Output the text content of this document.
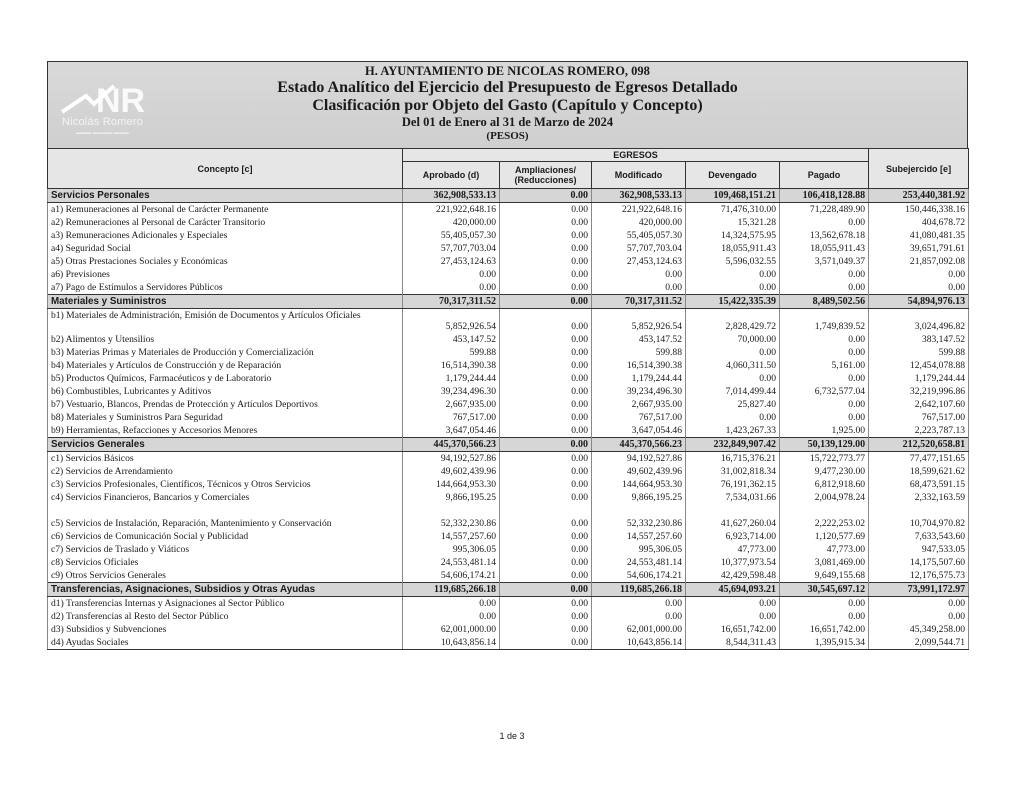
NR
Nicolás Romero
▬▬▬ ▬▬▬▬ ▬▬▬
H. AYUNTAMIENTO DE NICOLAS ROMERO, 098
Estado Analítico del Ejercicio del Presupuesto de Egresos Detallado
Clasificación por Objeto del Gasto (Capítulo y Concepto)
Del 01 de Enero al 31 de Marzo de 2024
(PESOS)
Concepto [c]	EGRESOS					Subejercido [e]
	Aprobado (d)	Ampliaciones/ (Reducciones)	Modificado	Devengado	Pagado	
Servicios Personales	362,908,533.13	0.00	362,908,533.13	109,468,151.21	106,418,128.88	253,440,381.92
a1) Remuneraciones al Personal de Carácter Permanente	221,922,648.16	0.00	221,922,648.16	71,476,310.00	71,228,489.90	150,446,338.16
a2) Remuneraciones al Personal de Carácter Transitorio	420,000.00	0.00	420,000.00	15,321.28	0.00	404,678.72
a3) Remuneraciones Adicionales y Especiales	55,405,057.30	0.00	55,405,057.30	14,324,575.95	13,562,678.18	41,080,481.35
a4) Seguridad Social	57,707,703.04	0.00	57,707,703.04	18,055,911.43	18,055,911.43	39,651,791.61
a5) Otras Prestaciones Sociales y Económicas	27,453,124.63	0.00	27,453,124.63	5,596,032.55	3,571,049.37	21,857,092.08
a6) Previsiones	0.00	0.00	0.00	0.00	0.00	0.00
a7) Pago de Estímulos a Servidores Públicos	0.00	0.00	0.00	0.00	0.00	0.00
Materiales y Suministros	70,317,311.52	0.00	70,317,311.52	15,422,335.39	8,489,502.56	54,894,976.13
b1) Materiales de Administración, Emisión de Documentos y Artículos Oficiales	5,852,926.54	0.00	5,852,926.54	2,828,429.72	1,749,839.52	3,024,496.82
b2) Alimentos y Utensilios	453,147.52	0.00	453,147.52	70,000.00	0.00	383,147.52
b3) Materias Primas y Materiales de Producción y Comercialización	599.88	0.00	599.88	0.00	0.00	599.88
b4) Materiales y Artículos de Construcción y de Reparación	16,514,390.38	0.00	16,514,390.38	4,060,311.50	5,161.00	12,454,078.88
b5) Productos Químicos, Farmacéuticos y de Laboratorio	1,179,244.44	0.00	1,179,244.44	0.00	0.00	1,179,244.44
b6) Combustibles, Lubricantes y Aditivos	39,234,496.30	0.00	39,234,496.30	7,014,499.44	6,732,577.04	32,219,996.86
b7) Vestuario, Blancos, Prendas de Protección y Artículos Deportivos	2,667,935.00	0.00	2,667,935.00	25,827.40	0.00	2,642,107.60
b8) Materiales y Suministros Para Seguridad	767,517.00	0.00	767,517.00	0.00	0.00	767,517.00
b9) Herramientas, Refacciones y Accesorios Menores	3,647,054.46	0.00	3,647,054.46	1,423,267.33	1,925.00	2,223,787.13
Servicios Generales	445,370,566.23	0.00	445,370,566.23	232,849,907.42	50,139,129.00	212,520,658.81
c1) Servicios Básicos	94,192,527.86	0.00	94,192,527.86	16,715,376.21	15,722,773.77	77,477,151.65
c2) Servicios de Arrendamiento	49,602,439.96	0.00	49,602,439.96	31,002,818.34	9,477,230.00	18,599,621.62
c3) Servicios Profesionales, Científicos, Técnicos y Otros Servicios	144,664,953.30	0.00	144,664,953.30	76,191,362.15	6,812,918.60	68,473,591.15
c4) Servicios Financieros, Bancarios y Comerciales	9,866,195.25	0.00	9,866,195.25	7,534,031.66	2,004,978.24	2,332,163.59
c5) Servicios de Instalación, Reparación, Mantenimiento y Conservación	52,332,230.86	0.00	52,332,230.86	41,627,260.04	2,222,253.02	10,704,970.82
c6) Servicios de Comunicación Social y Publicidad	14,557,257.60	0.00	14,557,257.60	6,923,714.00	1,120,577.69	7,633,543.60
c7) Servicios de Traslado y Viáticos	995,306.05	0.00	995,306.05	47,773.00	47,773.00	947,533.05
c8) Servicios Oficiales	24,553,481.14	0.00	24,553,481.14	10,377,973.54	3,081,469.00	14,175,507.60
c9) Otros Servicios Generales	54,606,174.21	0.00	54,606,174.21	42,429,598.48	9,649,155.68	12,176,575.73
Transferencias, Asignaciones, Subsidios y Otras Ayudas	119,685,266.18	0.00	119,685,266.18	45,694,093.21	30,545,697.12	73,991,172.97
d1) Transferencias Internas y Asignaciones al Sector Público	0.00	0.00	0.00	0.00	0.00	0.00
d2) Transferencias al Resto del Sector Público	0.00	0.00	0.00	0.00	0.00	0.00
d3) Subsidios y Subvenciones	62,001,000.00	0.00	62,001,000.00	16,651,742.00	16,651,742.00	45,349,258.00
d4) Ayudas Sociales	10,643,856.14	0.00	10,643,856.14	8,544,311.43	1,395,915.34	2,099,544.71
1 de 3
